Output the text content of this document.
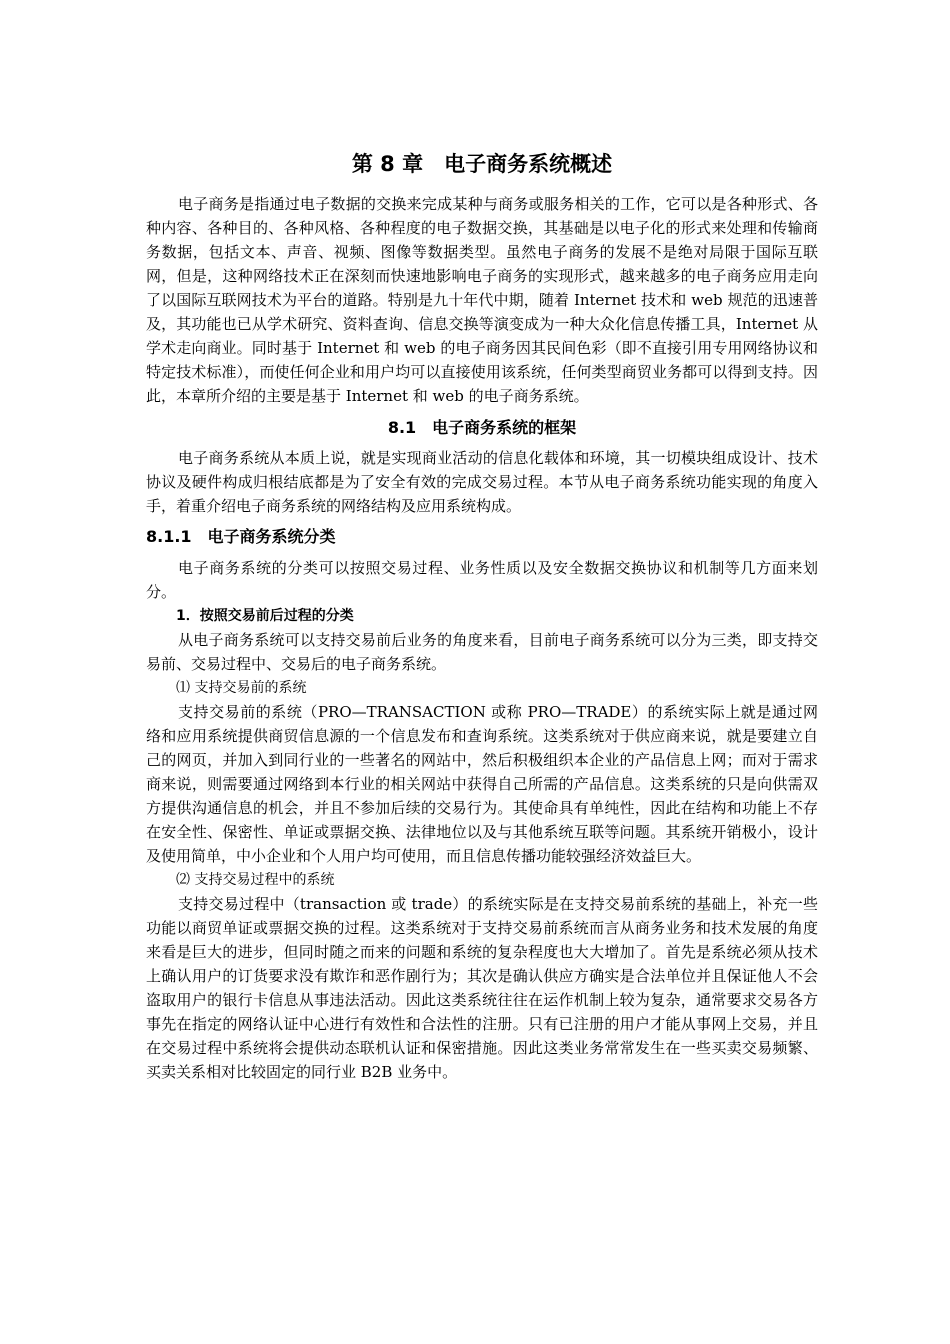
第 8 章　电子商务系统概述

电子商务是指通过电子数据的交换来完成某种与商务或服务相关的工作，它可以是各种形式、各种内容、各种目的、各种风格、各种程度的电子数据交换，其基础是以电子化的形式来处理和传输商务数据，包括文本、声音、视频、图像等数据类型。虽然电子商务的发展不是绝对局限于国际互联网，但是，这种网络技术正在深刻而快速地影响电子商务的实现形式，越来越多的电子商务应用走向了以国际互联网技术为平台的道路。特别是九十年代中期，随着 Internet 技术和 web 规范的迅速普及，其功能也已从学术研究、资料查询、信息交换等演变成为一种大众化信息传播工具，Internet 从学术走向商业。同时基于 Internet 和 web 的电子商务因其民间色彩（即不直接引用专用网络协议和特定技术标准），而使任何企业和用户均可以直接使用该系统，任何类型商贸业务都可以得到支持。因此，本章所介绍的主要是基于 Internet 和 web 的电子商务系统。

8.1　电子商务系统的框架

电子商务系统从本质上说，就是实现商业活动的信息化载体和环境，其一切模块组成设计、技术协议及硬件构成归根结底都是为了安全有效的完成交易过程。本节从电子商务系统功能实现的角度入手，着重介绍电子商务系统的网络结构及应用系统构成。

8.1.1　电子商务系统分类

电子商务系统的分类可以按照交易过程、业务性质以及安全数据交换协议和机制等几方面来划分。

1．按照交易前后过程的分类

从电子商务系统可以支持交易前后业务的角度来看，目前电子商务系统可以分为三类，即支持交易前、交易过程中、交易后的电子商务系统。

⑴ 支持交易前的系统

支持交易前的系统（PRO—TRANSACTION 或称 PRO—TRADE）的系统实际上就是通过网络和应用系统提供商贸信息源的一个信息发布和查询系统。这类系统对于供应商来说，就是要建立自己的网页，并加入到同行业的一些著名的网站中，然后积极组织本企业的产品信息上网；而对于需求商来说，则需要通过网络到本行业的相关网站中获得自己所需的产品信息。这类系统的只是向供需双方提供沟通信息的机会，并且不参加后续的交易行为。其使命具有单纯性，因此在结构和功能上不存在安全性、保密性、单证或票据交换、法律地位以及与其他系统互联等问题。其系统开销极小，设计及使用简单，中小企业和个人用户均可使用，而且信息传播功能较强经济效益巨大。

⑵ 支持交易过程中的系统

支持交易过程中（transaction 或 trade）的系统实际是在支持交易前系统的基础上，补充一些功能以商贸单证或票据交换的过程。这类系统对于支持交易前系统而言从商务业务和技术发展的角度来看是巨大的进步，但同时随之而来的问题和系统的复杂程度也大大增加了。首先是系统必须从技术上确认用户的订货要求没有欺诈和恶作剧行为；其次是确认供应方确实是合法单位并且保证他人不会盗取用户的银行卡信息从事违法活动。因此这类系统往往在运作机制上较为复杂，通常要求交易各方事先在指定的网络认证中心进行有效性和合法性的注册。只有已注册的用户才能从事网上交易，并且在交易过程中系统将会提供动态联机认证和保密措施。因此这类业务常常发生在一些买卖交易频繁、买卖关系相对比较固定的同行业 B2B 业务中。
